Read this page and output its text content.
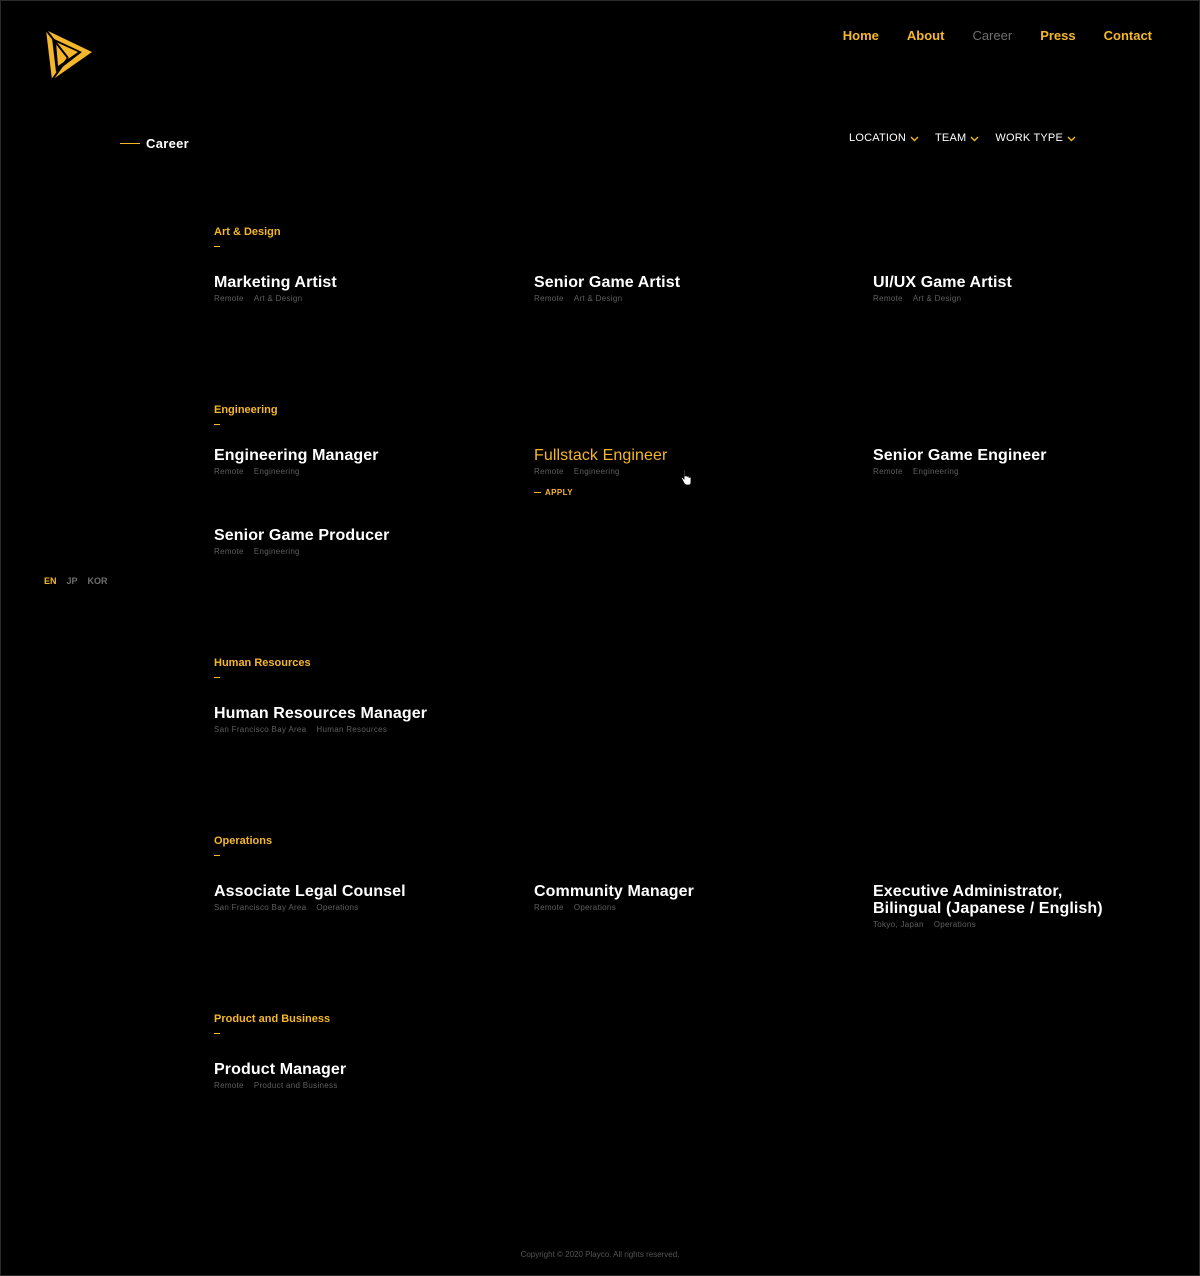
Home About Career Press Contact
Career	LOCATION	TEAM	WORK TYPE
EN JP KOR
Art & Design
Marketing Artist
Remote Art & Design
Senior Game Artist
Remote Art & Design
UI/UX Game Artist
Remote Art & Design
Engineering
Engineering Manager
Remote Engineering
Fullstack Engineer
Remote Engineering
APPLY
Senior Game Engineer
Remote Engineering
Senior Game Producer
Remote Engineering
Human Resources
Human Resources Manager
San Francisco Bay Area Human Resources
Operations
Associate Legal Counsel
San Francisco Bay Area Operations
Community Manager
Remote Operations
Executive Administrator,
Bilingual (Japanese / English)
Tokyo, Japan Operations
Product and Business
Product Manager
Remote Product and Business
Copyright © 2020 Playco. All rights reserved.
